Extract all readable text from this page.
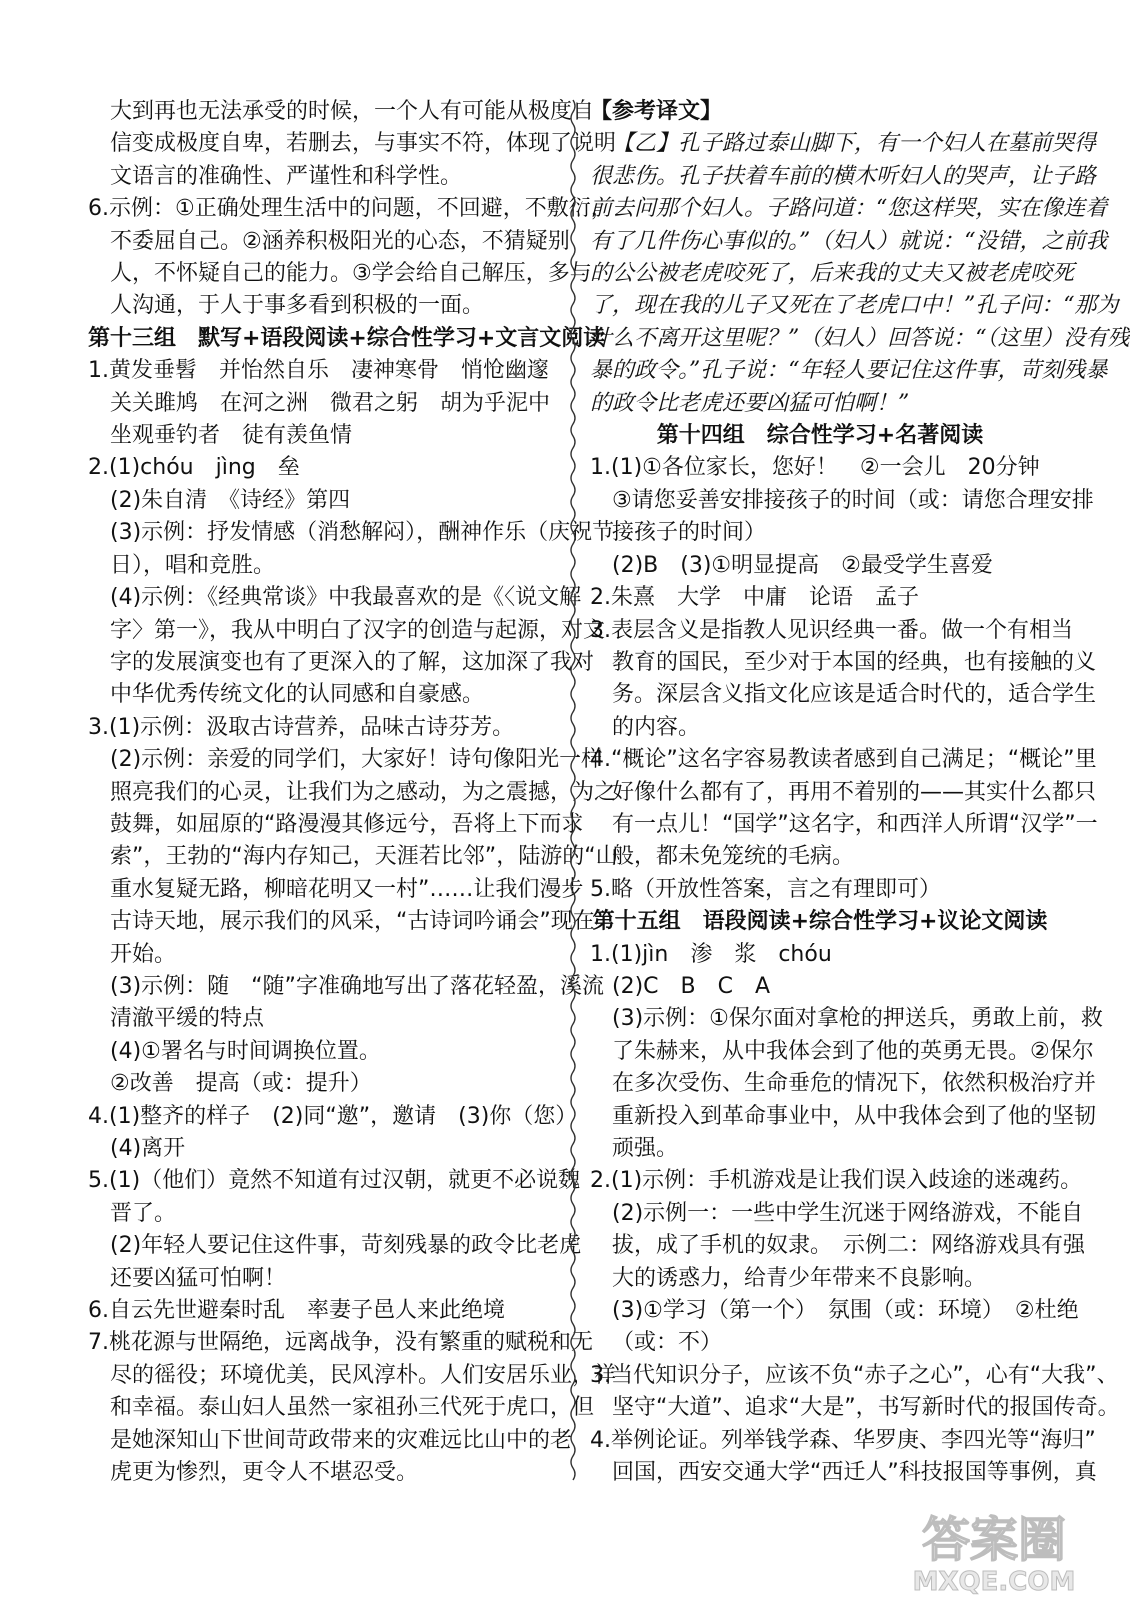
大到再也无法承受的时候，一个人有可能从极度自
信变成极度自卑，若删去，与事实不符，体现了说明
文语言的准确性、严谨性和科学性。
6.示例：①正确处理生活中的问题，不回避，不敷衍，
不委屈自己。②涵养积极阳光的心态，不猜疑别
人，不怀疑自己的能力。③学会给自己解压，多与
人沟通，于人于事多看到积极的一面。
第十三组　默写+语段阅读+综合性学习+文言文阅读
1.黄发垂髫　并怡然自乐　凄神寒骨　悄怆幽邃
关关雎鸠　在河之洲　微君之躬　胡为乎泥中
坐观垂钓者　徒有羡鱼情
2.(1)chóu　jìng　垒
(2)朱自清　《诗经》第四
(3)示例：抒发情感（消愁解闷），酬神作乐（庆祝节
日），唱和竞胜。
(4)示例：《经典常谈》中我最喜欢的是《〈说文解
字〉第一》，我从中明白了汉字的创造与起源，对文
字的发展演变也有了更深入的了解，这加深了我对
中华优秀传统文化的认同感和自豪感。
3.(1)示例：汲取古诗营养，品味古诗芬芳。
(2)示例：亲爱的同学们，大家好！诗句像阳光一样
照亮我们的心灵，让我们为之感动，为之震撼，为之
鼓舞，如屈原的“路漫漫其修远兮，吾将上下而求
索”，王勃的“海内存知己，天涯若比邻”，陆游的“山
重水复疑无路，柳暗花明又一村”……让我们漫步
古诗天地，展示我们的风采，“古诗词吟诵会”现在
开始。
(3)示例：随　“随”字准确地写出了落花轻盈，溪流
清澈平缓的特点
(4)①署名与时间调换位置。
②改善　提高（或：提升）
4.(1)整齐的样子　(2)同“邀”，邀请　(3)你（您）
(4)离开
5.(1)（他们）竟然不知道有过汉朝，就更不必说魏
晋了。
(2)年轻人要记住这件事，苛刻残暴的政令比老虎
还要凶猛可怕啊！
6.自云先世避秦时乱　率妻子邑人来此绝境
7.桃花源与世隔绝，远离战争，没有繁重的赋税和无
尽的徭役；环境优美，民风淳朴。人们安居乐业，祥
和幸福。泰山妇人虽然一家祖孙三代死于虎口，但
是她深知山下世间苛政带来的灾难远比山中的老
虎更为惨烈，更令人不堪忍受。
【参考译文】
【乙】孔子路过泰山脚下，有一个妇人在墓前哭得
很悲伤。孔子扶着车前的横木听妇人的哭声，让子路
前去问那个妇人。子路问道：“您这样哭，实在像连着
有了几件伤心事似的。”（妇人）就说：“没错，之前我
的公公被老虎咬死了，后来我的丈夫又被老虎咬死
了，现在我的儿子又死在了老虎口中！”孔子问：“那为
什么不离开这里呢？”（妇人）回答说：“（这里）没有残
暴的政令。”孔子说：“年轻人要记住这件事，苛刻残暴
的政令比老虎还要凶猛可怕啊！”
第十四组　综合性学习+名著阅读
1.(1)①各位家长，您好！　②一会儿　20分钟
③请您妥善安排接孩子的时间（或：请您合理安排
接孩子的时间）
(2)B　(3)①明显提高　②最受学生喜爱
2.朱熹　大学　中庸　论语　孟子
3.表层含义是指教人见识经典一番。做一个有相当
教育的国民，至少对于本国的经典，也有接触的义
务。深层含义指文化应该是适合时代的，适合学生
的内容。
4.“概论”这名字容易教读者感到自己满足；“概论”里
好像什么都有了，再用不着别的——其实什么都只
有一点儿！“国学”这名字，和西洋人所谓“汉学”一
般，都未免笼统的毛病。
5.略（开放性答案，言之有理即可）
第十五组　语段阅读+综合性学习+议论文阅读
1.(1)jìn　渗　浆　chóu
(2)C　B　C　A
(3)示例：①保尔面对拿枪的押送兵，勇敢上前，救
了朱赫来，从中我体会到了他的英勇无畏。②保尔
在多次受伤、生命垂危的情况下，依然积极治疗并
重新投入到革命事业中，从中我体会到了他的坚韧
顽强。
2.(1)示例：手机游戏是让我们误入歧途的迷魂药。
(2)示例一：一些中学生沉迷于网络游戏，不能自
拔，成了手机的奴隶。　示例二：网络游戏具有强
大的诱惑力，给青少年带来不良影响。
(3)①学习（第一个）　氛围（或：环境）　②杜绝
（或：不）
3.当代知识分子，应该不负“赤子之心”，心有“大我”、
坚守“大道”、追求“大是”，书写新时代的报国传奇。
4.举例论证。列举钱学森、华罗庚、李四光等“海归”
回国，西安交通大学“西迁人”科技报国等事例，真
答案圈
MXQE.COM
